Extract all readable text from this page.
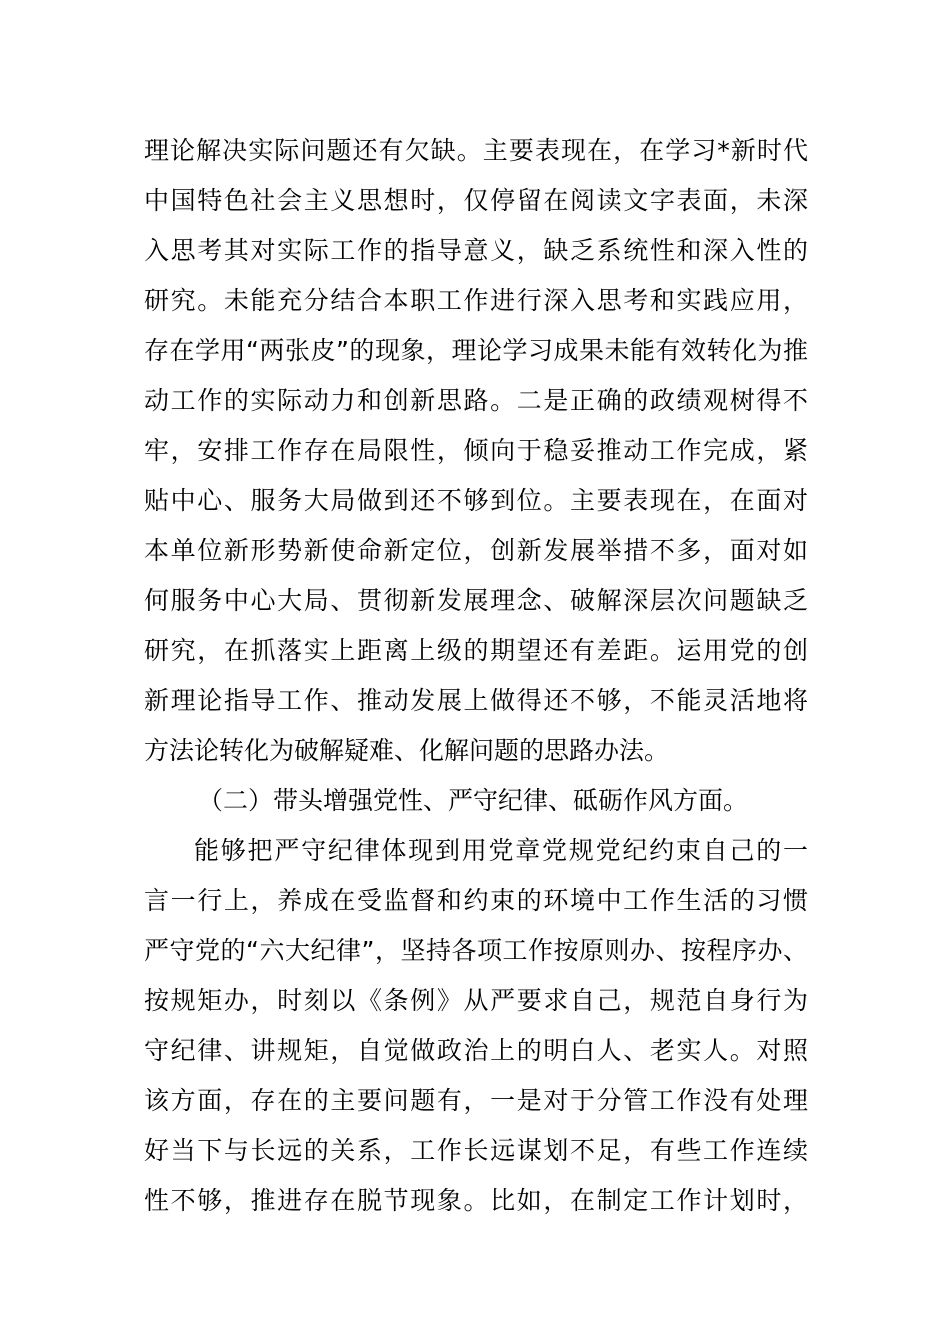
理论解决实际问题还有欠缺。主要表现在，在学习*新时代
中国特色社会主义思想时，仅停留在阅读文字表面，未深
入思考其对实际工作的指导意义，缺乏系统性和深入性的
研究。未能充分结合本职工作进行深入思考和实践应用，
存在学用“两张皮”的现象，理论学习成果未能有效转化为推
动工作的实际动力和创新思路。二是正确的政绩观树得不
牢，安排工作存在局限性，倾向于稳妥推动工作完成，紧
贴中心、服务大局做到还不够到位。主要表现在，在面对
本单位新形势新使命新定位，创新发展举措不多，面对如
何服务中心大局、贯彻新发展理念、破解深层次问题缺乏
研究，在抓落实上距离上级的期望还有差距。运用党的创
新理论指导工作、推动发展上做得还不够，不能灵活地将
方法论转化为破解疑难、化解问题的思路办法。
（二）带头增强党性、严守纪律、砥砺作风方面。
能够把严守纪律体现到用党章党规党纪约束自己的一
言一行上，养成在受监督和约束的环境中工作生活的习惯
严守党的“六大纪律”，坚持各项工作按原则办、按程序办、
按规矩办，时刻以《条例》从严要求自己，规范自身行为
守纪律、讲规矩，自觉做政治上的明白人、老实人。对照
该方面，存在的主要问题有，一是对于分管工作没有处理
好当下与长远的关系，工作长远谋划不足，有些工作连续
性不够，推进存在脱节现象。比如，在制定工作计划时，
